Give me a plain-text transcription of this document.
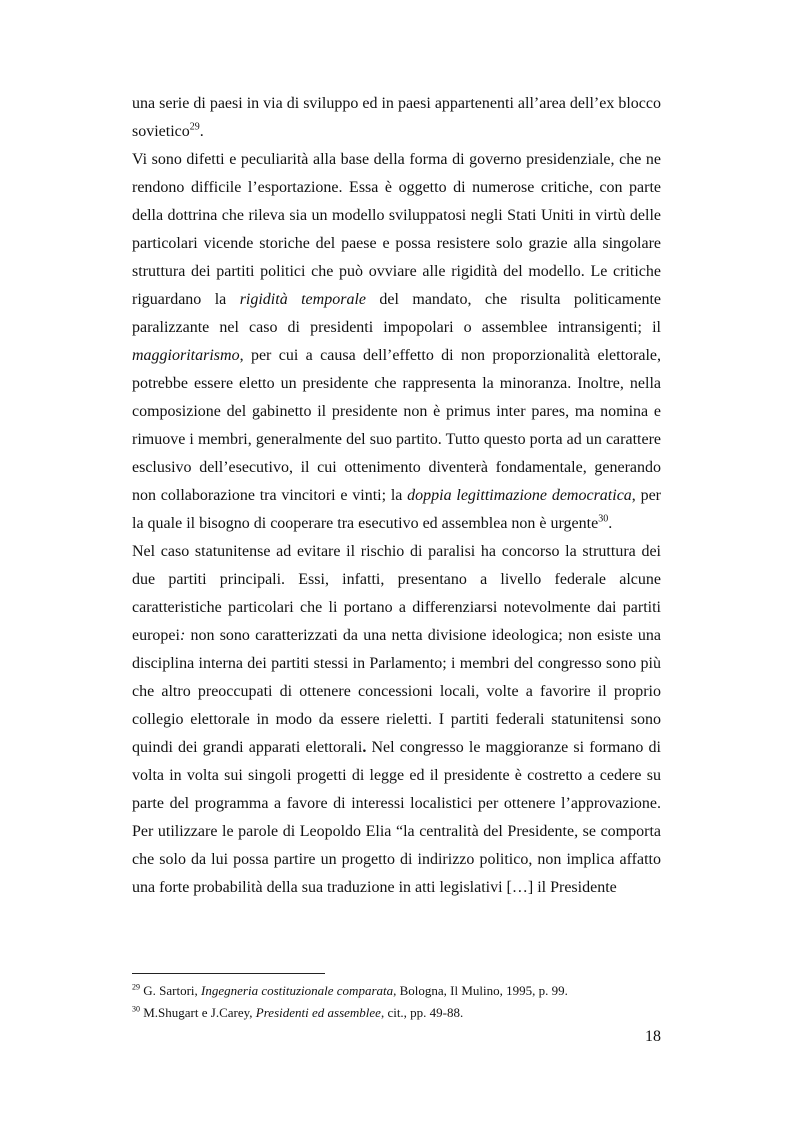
una serie di paesi in via di sviluppo ed in paesi appartenenti all’area dell’ex blocco sovietico$^{29}$.

Vi sono difetti e peculiarità alla base della forma di governo presidenziale, che ne rendono difficile l’esportazione. Essa è oggetto di numerose critiche, con parte della dottrina che rileva sia un modello sviluppatosi negli Stati Uniti in virtù delle particolari vicende storiche del paese e possa resistere solo grazie alla singolare struttura dei partiti politici che può ovviare alle rigidità del modello. Le critiche riguardano la rigidità temporale del mandato, che risulta politicamente paralizzante nel caso di presidenti impopolari o assemblee intransigenti; il maggioritarismo, per cui a causa dell’effetto di non proporzionalità elettorale, potrebbe essere eletto un presidente che rappresenta la minoranza. Inoltre, nella composizione del gabinetto il presidente non è primus inter pares, ma nomina e rimuove i membri, generalmente del suo partito. Tutto questo porta ad un carattere esclusivo dell’esecutivo, il cui ottenimento diventerà fondamentale, generando non collaborazione tra vincitori e vinti; la doppia legittimazione democratica, per la quale il bisogno di cooperare tra esecutivo ed assemblea non è urgente$^{30}$.

Nel caso statunitense ad evitare il rischio di paralisi ha concorso la struttura dei due partiti principali. Essi, infatti, presentano a livello federale alcune caratteristiche particolari che li portano a differenziarsi notevolmente dai partiti europei: non sono caratterizzati da una netta divisione ideologica; non esiste una disciplina interna dei partiti stessi in Parlamento; i membri del congresso sono più che altro preoccupati di ottenere concessioni locali, volte a favorire il proprio collegio elettorale in modo da essere rieletti. I partiti federali statunitensi sono quindi dei grandi apparati elettorali. Nel congresso le maggioranze si formano di volta in volta sui singoli progetti di legge ed il presidente è costretto a cedere su parte del programma a favore di interessi localistici per ottenere l’approvazione. Per utilizzare le parole di Leopoldo Elia “la centralità del Presidente, se comporta che solo da lui possa partire un progetto di indirizzo politico, non implica affatto una forte probabilità della sua traduzione in atti legislativi […] il Presidente

$^{29}$ G. Sartori, Ingegneria costituzionale comparata, Bologna, Il Mulino, 1995, p. 99.

$^{30}$ M.Shugart e J.Carey, Presidenti ed assemblee, cit., pp. 49-88.

18
